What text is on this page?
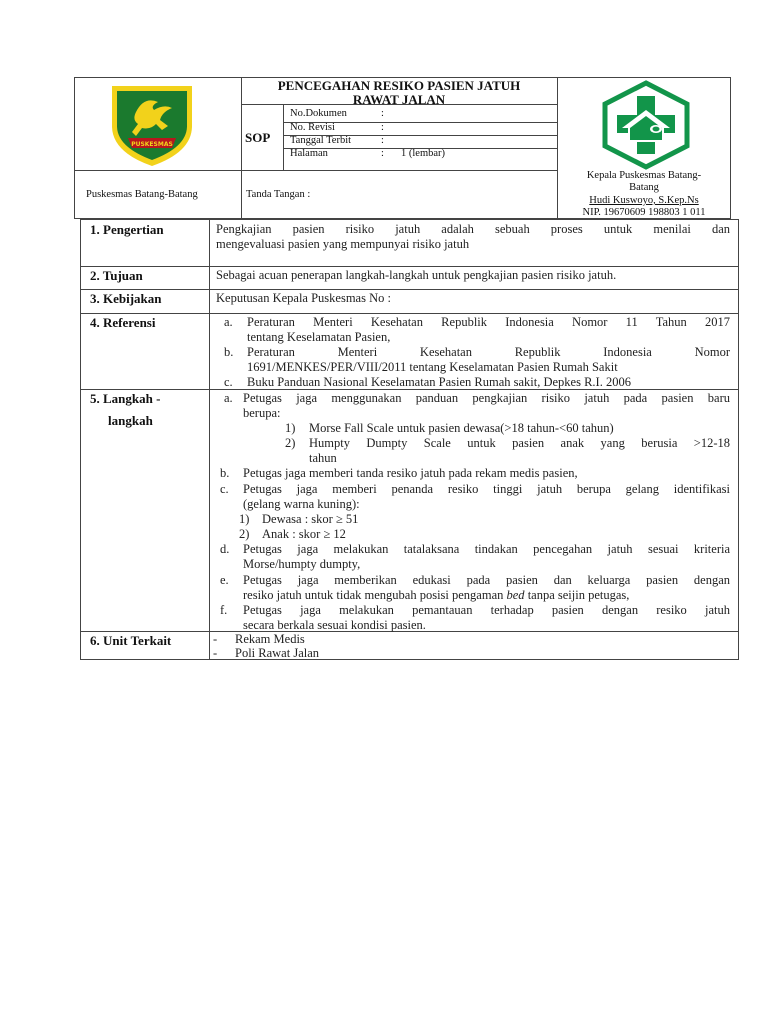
PUSKESMAS
PENCEGAHAN RESIKO PASIEN JATUH
RAWAT JALAN
SOP
No.Dokumen	:
No. Revisi	:
Tanggal Terbit	:
Halaman	: 1 (lembar)
Puskesmas Batang-Batang	Tanda Tangan :
Kepala Puskesmas Batang-
Batang
Hudi Kuswoyo, S.Kep.Ns
NIP. 19670609 198803 1 011
1. Pengertian	Pengkajian pasien risiko jatuh adalah sebuah proses untuk menilai dan
mengevaluasi pasien yang mempunyai risiko jatuh
2. Tujuan	Sebagai acuan penerapan langkah-langkah untuk pengkajian pasien risiko jatuh.
3. Kebijakan	Keputusan Kepala Puskesmas No :
4. Referensi	a. Peraturan Menteri Kesehatan Republik Indonesia Nomor 11 Tahun 2017
tentang Keselamatan Pasien,
b. Peraturan Menteri Kesehatan Republik Indonesia Nomor
1691/MENKES/PER/VIII/2011 tentang Keselamatan Pasien Rumah Sakit
c. Buku Panduan Nasional Keselamatan Pasien Rumah sakit, Depkes R.I. 2006
5. Langkah -
langkah
a. Petugas jaga menggunakan panduan pengkajian risiko jatuh pada pasien baru
berupa:
1) Morse Fall Scale untuk pasien dewasa(>18 tahun-<60 tahun)
2) Humpty Dumpty Scale untuk pasien anak yang berusia >12-18
tahun
b. Petugas jaga memberi tanda resiko jatuh pada rekam medis pasien,
c. Petugas jaga memberi penanda resiko tinggi jatuh berupa gelang identifikasi
(gelang warna kuning):
1) Dewasa : skor ≥ 51
2) Anak : skor ≥ 12
d. Petugas jaga melakukan tatalaksana tindakan pencegahan jatuh sesuai kriteria
Morse/humpty dumpty,
e. Petugas jaga memberikan edukasi pada pasien dan keluarga pasien dengan
resiko jatuh untuk tidak mengubah posisi pengaman bed tanpa seijin petugas,
f. Petugas jaga melakukan pemantauan terhadap pasien dengan resiko jatuh
secara berkala sesuai kondisi pasien.
6. Unit Terkait	- Rekam Medis
- Poli Rawat Jalan
